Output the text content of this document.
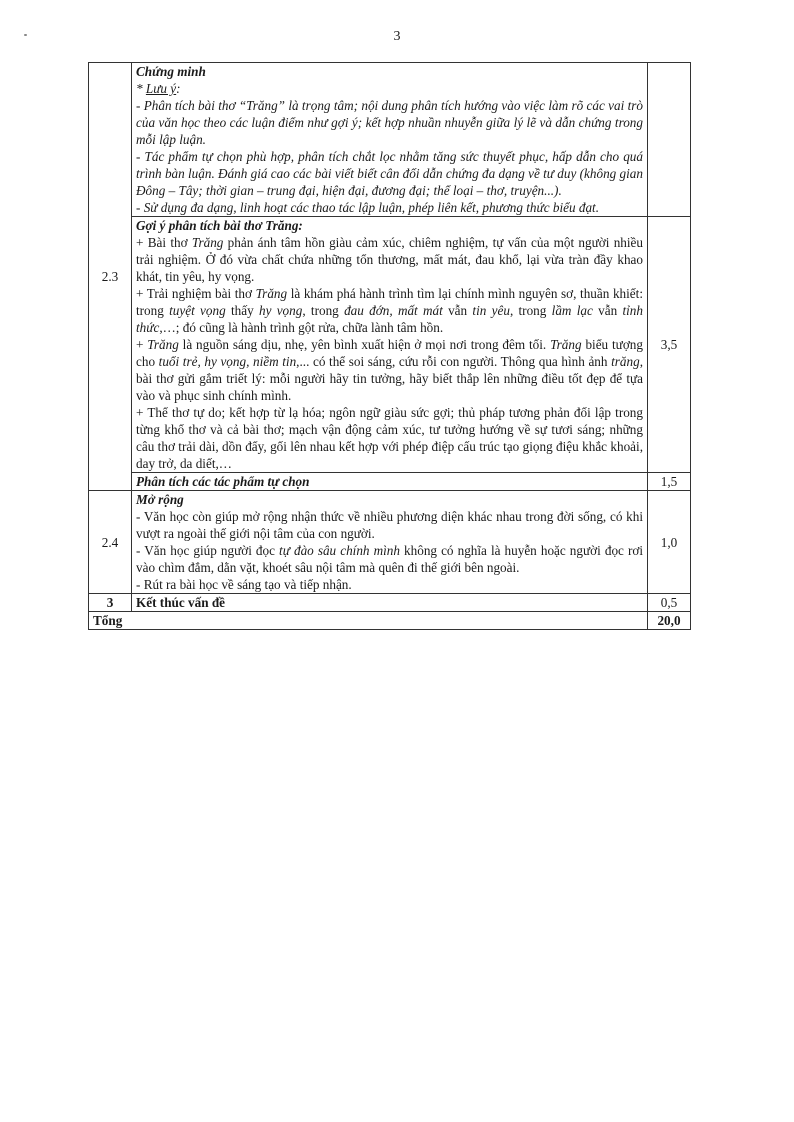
3
2.3	Chứng minh
* Lưu ý:

- Phân tích bài thơ “Trăng” là trọng tâm; nội dung phân tích hướng vào việc làm rõ các vai trò của văn học theo các luận điểm như gợi ý; kết hợp nhuần nhuyễn giữa lý lẽ và dẫn chứng trong mỗi lập luận.

- Tác phẩm tự chọn phù hợp, phân tích chắt lọc nhằm tăng sức thuyết phục, hấp dẫn cho quá trình bàn luận. Đánh giá cao các bài viết biết cân đối dẫn chứng đa dạng về tư duy (không gian Đông – Tây; thời gian – trung đại, hiện đại, đương đại; thể loại – thơ, truyện...).

- Sử dụng đa dạng, linh hoạt các thao tác lập luận, phép liên kết, phương thức biểu đạt.	

	Gợi ý phân tích bài thơ Trăng:

+ Bài thơ Trăng phản ánh tâm hồn giàu cảm xúc, chiêm nghiệm, tự vấn của một người nhiều trải nghiệm. Ở đó vừa chất chứa những tổn thương, mất mát, đau khổ, lại vừa tràn đầy khao khát, tin yêu, hy vọng.

+ Trải nghiệm bài thơ Trăng là khám phá hành trình tìm lại chính mình nguyên sơ, thuần khiết: trong tuyệt vọng thấy hy vọng, trong đau đớn, mất mát vẫn tin yêu, trong lầm lạc vẫn tỉnh thức,…; đó cũng là hành trình gột rửa, chữa lành tâm hồn.

+ Trăng là nguồn sáng dịu, nhẹ, yên bình xuất hiện ở mọi nơi trong đêm tối. Trăng biểu tượng cho tuổi trẻ, hy vọng, niềm tin,... có thể soi sáng, cứu rỗi con người. Thông qua hình ảnh trăng, bài thơ gửi gắm triết lý: mỗi người hãy tin tưởng, hãy biết thắp lên những điều tốt đẹp để tựa vào và phục sinh chính mình.

+ Thể thơ tự do; kết hợp từ lạ hóa; ngôn ngữ giàu sức gợi; thủ pháp tương phản đối lập trong từng khổ thơ và cả bài thơ; mạch vận động cảm xúc, tư tưởng hướng về sự tươi sáng; những câu thơ trải dài, dồn đẩy, gối lên nhau kết hợp với phép điệp cấu trúc tạo giọng điệu khắc khoải, day trở, da diết,…	3,5

	Phân tích các tác phẩm tự chọn	1,5
2.4	Mở rộng

- Văn học còn giúp mở rộng nhận thức về nhiều phương diện khác nhau trong đời sống, có khi vượt ra ngoài thế giới nội tâm của con người.

- Văn học giúp người đọc tự đào sâu chính mình không có nghĩa là huyễn hoặc người đọc rơi vào chìm đắm, dằn vặt, khoét sâu nội tâm mà quên đi thế giới bên ngoài.

- Rút ra bài học về sáng tạo và tiếp nhận.	1,0
3	Kết thúc vấn đề	0,5
Tổng		20,0
